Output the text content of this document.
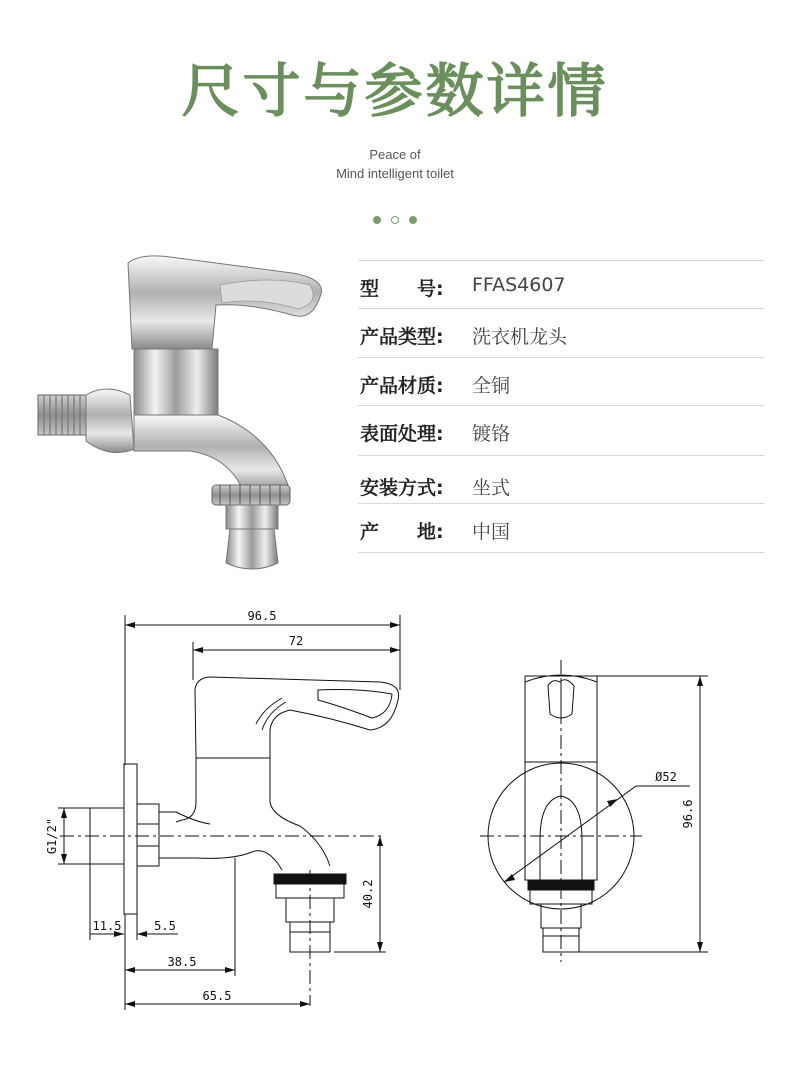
尺寸与参数详情
Peace of
Mind intelligent toilet
型　　号:	FFAS4607
产品类型:	洗衣机龙头
产品材质:	全铜
表面处理:	镀铬
安装方式:	坐式
产　　地:	中国
96.5
72
G1/2"
40.2
11.5	5.5
38.5
65.5
Ø52
96.6
